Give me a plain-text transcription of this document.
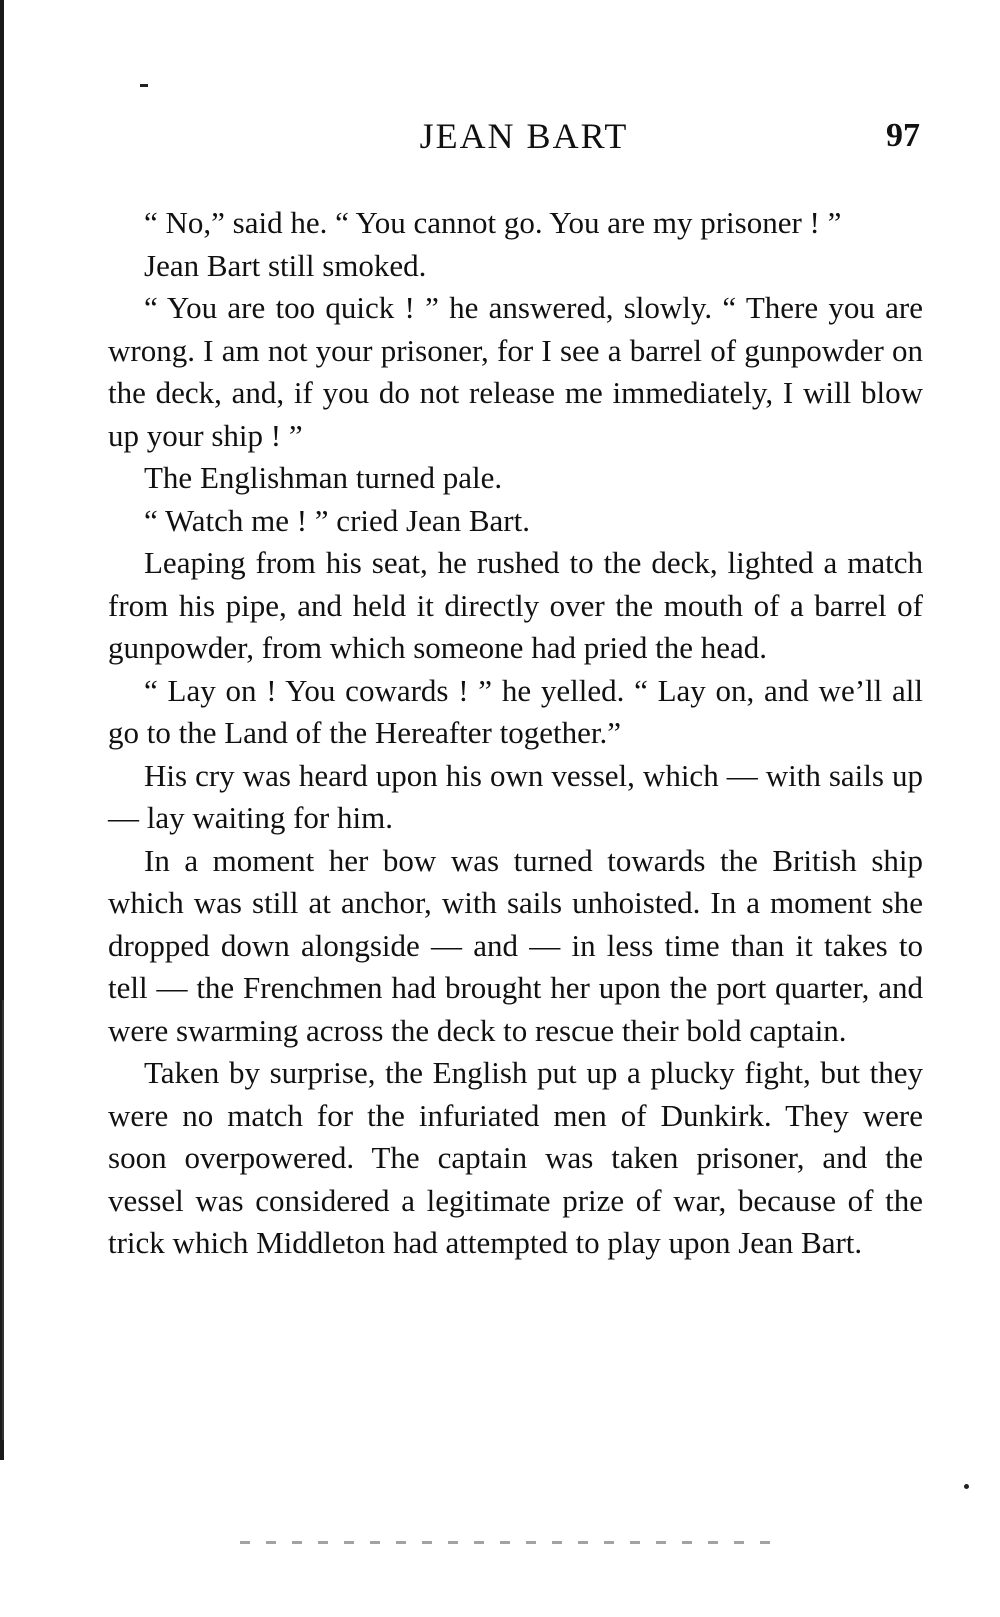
JEAN BART	97

“ No,” said he. “ You cannot go. You are my prisoner ! ”

Jean Bart still smoked.

“ You are too quick ! ” he answered, slowly. “ There you are wrong. I am not your prisoner, for I see a barrel of gunpowder on the deck, and, if you do not release me immediately, I will blow up your ship ! ”

The Englishman turned pale.

“ Watch me ! ” cried Jean Bart.

Leaping from his seat, he rushed to the deck, lighted a match from his pipe, and held it directly over the mouth of a barrel of gunpowder, from which someone had pried the head.

“ Lay on ! You cowards ! ” he yelled. “ Lay on, and we’ll all go to the Land of the Hereafter together.”

His cry was heard upon his own vessel, which — with sails up — lay waiting for him.

In a moment her bow was turned towards the British ship which was still at anchor, with sails unhoisted. In a moment she dropped down alongside — and — in less time than it takes to tell — the Frenchmen had brought her upon the port quarter, and were swarming across the deck to rescue their bold captain.

Taken by surprise, the English put up a plucky fight, but they were no match for the infuriated men of Dunkirk. They were soon overpowered. The captain was taken prisoner, and the vessel was considered a legitimate prize of war, because of the trick which Middleton had attempted to play upon Jean Bart.
